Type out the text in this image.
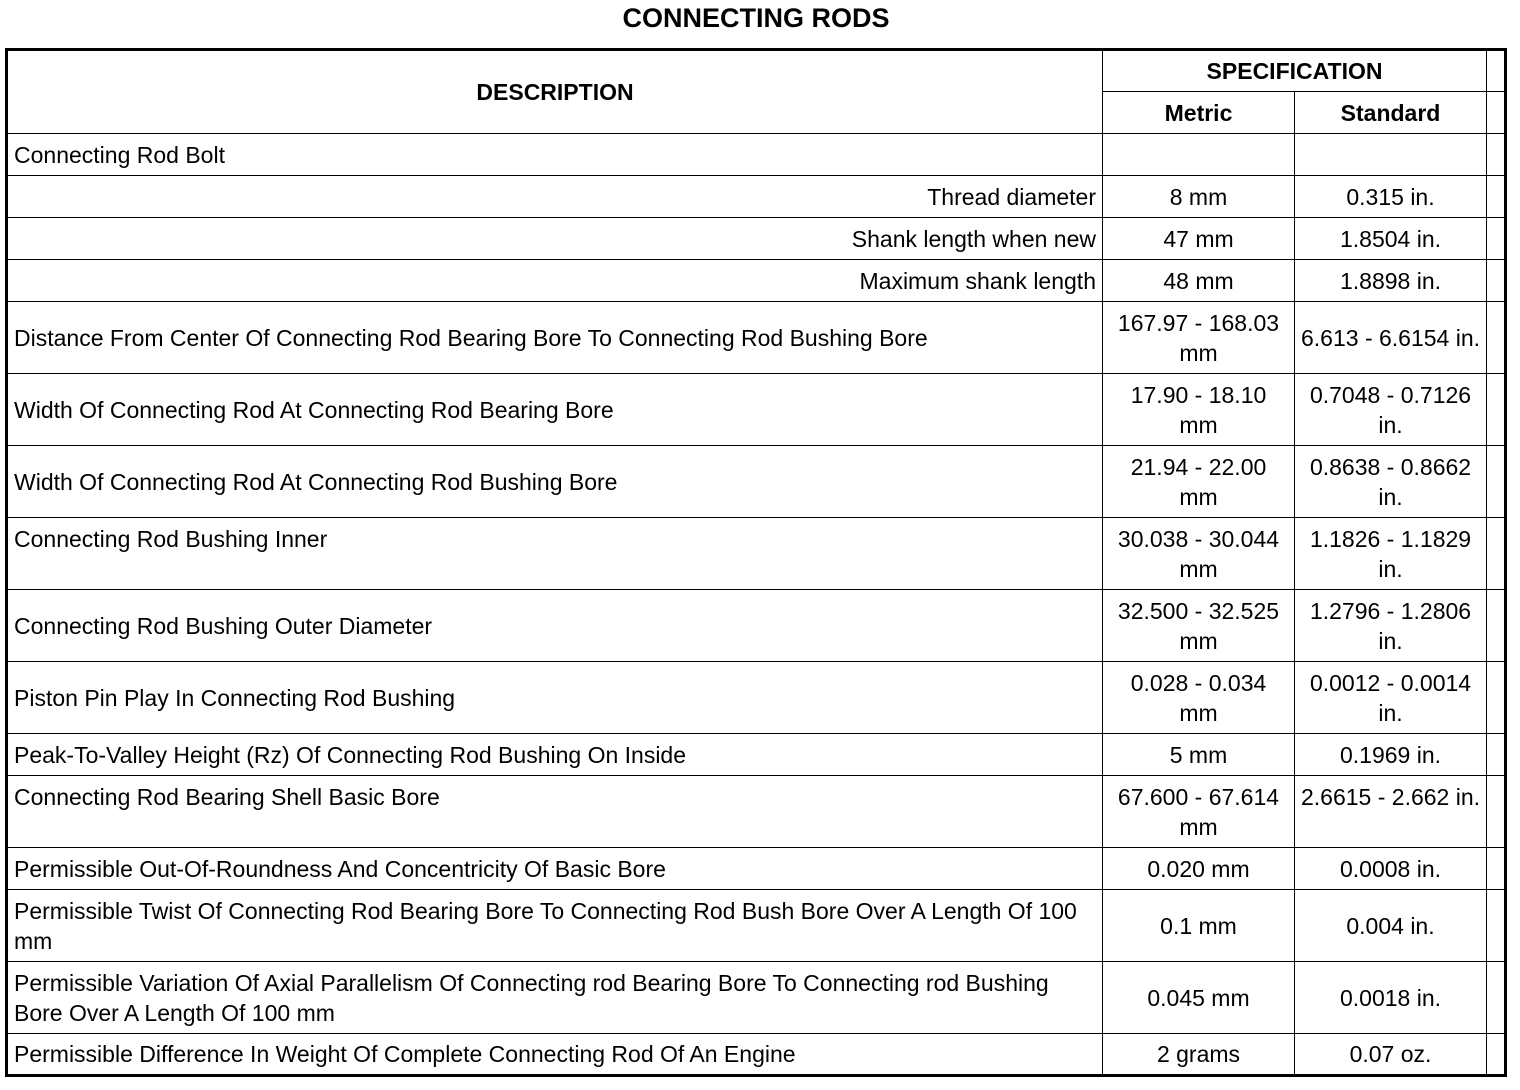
CONNECTING RODS
DESCRIPTION	SPECIFICATION		
	Metric	Standard	
Connecting Rod Bolt			
Thread diameter	8 mm	0.315 in.	
Shank length when new	47 mm	1.8504 in.	
Maximum shank length	48 mm	1.8898 in.	
Distance From Center Of Connecting Rod Bearing Bore To Connecting Rod Bushing Bore	167.97 - 168.03 mm	6.613 - 6.6154 in.	
Width Of Connecting Rod At Connecting Rod Bearing Bore	17.90 - 18.10 mm	0.7048 - 0.7126 in.	
Width Of Connecting Rod At Connecting Rod Bushing Bore	21.94 - 22.00 mm	0.8638 - 0.8662 in.	
Connecting Rod Bushing Inner	30.038 - 30.044 mm	1.1826 - 1.1829 in.	
Connecting Rod Bushing Outer Diameter	32.500 - 32.525 mm	1.2796 - 1.2806 in.	
Piston Pin Play In Connecting Rod Bushing	0.028 - 0.034 mm	0.0012 - 0.0014 in.	
Peak-To-Valley Height (Rz) Of Connecting Rod Bushing On Inside	5 mm	0.1969 in.	
Connecting Rod Bearing Shell Basic Bore	67.600 - 67.614 mm	2.6615 - 2.662 in.	
Permissible Out-Of-Roundness And Concentricity Of Basic Bore	0.020 mm	0.0008 in.	
Permissible Twist Of Connecting Rod Bearing Bore To Connecting Rod Bush Bore Over A Length Of 100 mm	0.1 mm	0.004 in.	
Permissible Variation Of Axial Parallelism Of Connecting rod Bearing Bore To Connecting rod Bushing Bore Over A Length Of 100 mm	0.045 mm	0.0018 in.	
Permissible Difference In Weight Of Complete Connecting Rod Of An Engine	2 grams	0.07 oz.	
